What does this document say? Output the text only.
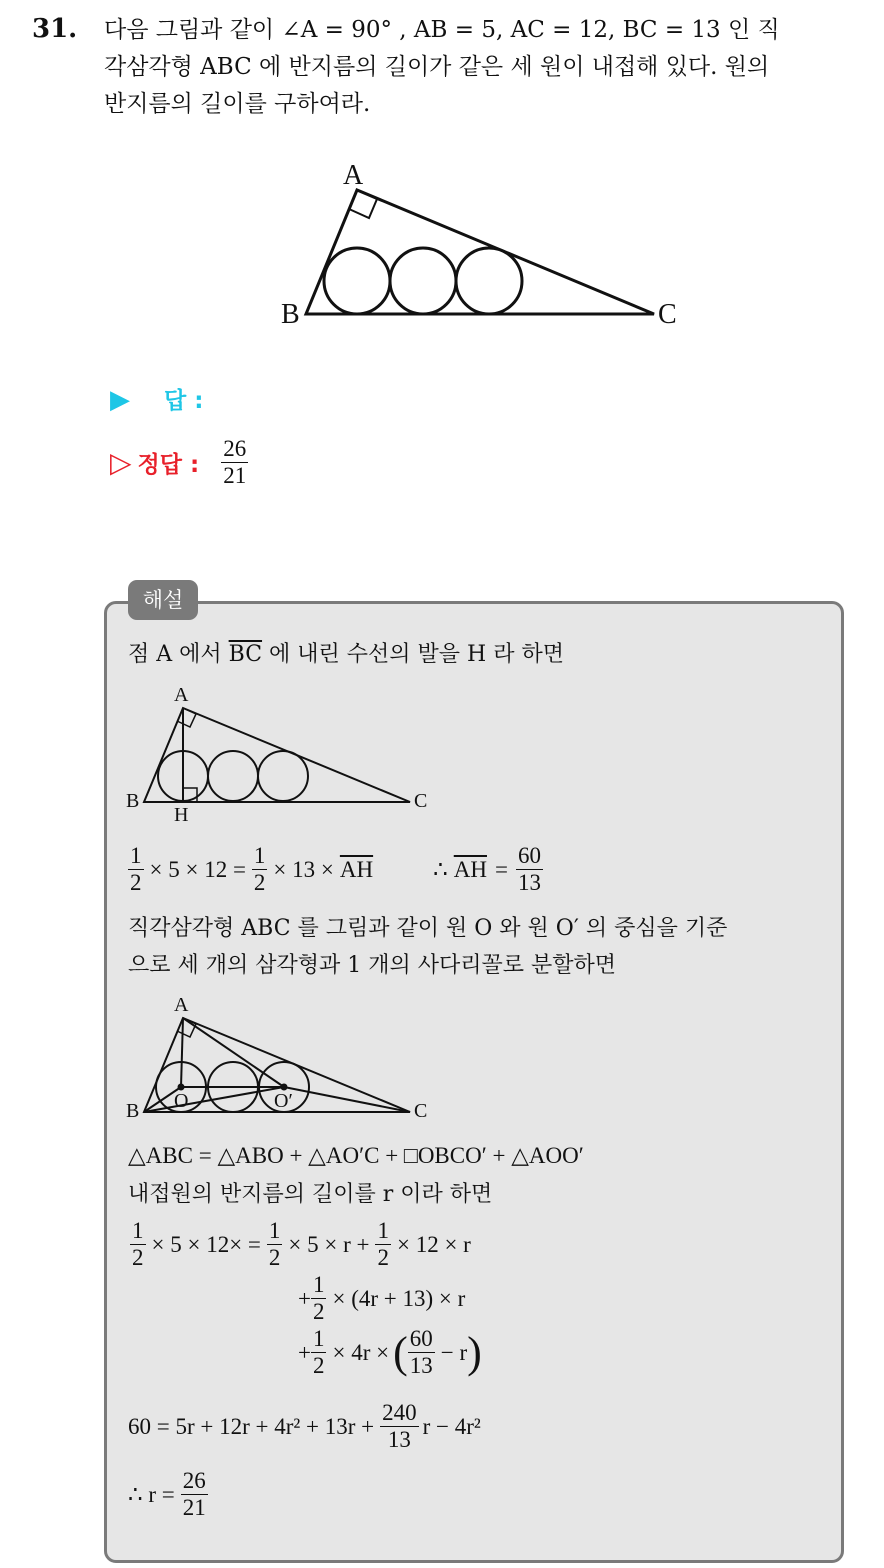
31. 다음 그림과 같이 ∠A = 90° , AB = 5, AC = 12, BC = 13 인 직
각삼각형 ABC 에 반지름의 길이가 같은 세 원이 내접해 있다. 원의
반지름의 길이를 구하여라.
A
B	C
▶ 답 :
▷ 정답 : $\frac{26}{21}$
해설
점 A 에서 $\overline{BC}$ 에 내린 수선의 발을 H 라 하면
A
B	C
H
$\frac{1}{2} \times 5 \times 12 = \frac{1}{2} \times 13 \times \overline{AH}$	∴ $\overline{AH} = \frac{60}{13}$
직각삼각형 ABC 를 그림과 같이 원 O 와 원 O′ 의 중심을 기준
으로 세 개의 삼각형과 1 개의 사다리꼴로 분할하면
A
B	C
O	O′
△ABC = △ABO + △AO′C + □OBCO′ + △AOO′
내접원의 반지름의 길이를 r 이라 하면
$\frac{1}{2} \times 5 \times 12\times = \frac{1}{2} \times 5 \times r + \frac{1}{2} \times 12 \times r$
+ $\frac{1}{2} \times (4r + 13) \times r$
+ $\frac{1}{2} \times 4r$ × ( $\frac{60}{13} - r$ )
$60 = 5r + 12r + 4r^2 + 13r + \frac{240}{13}$ r − 4r²
∴ $r = \frac{26}{21}$
